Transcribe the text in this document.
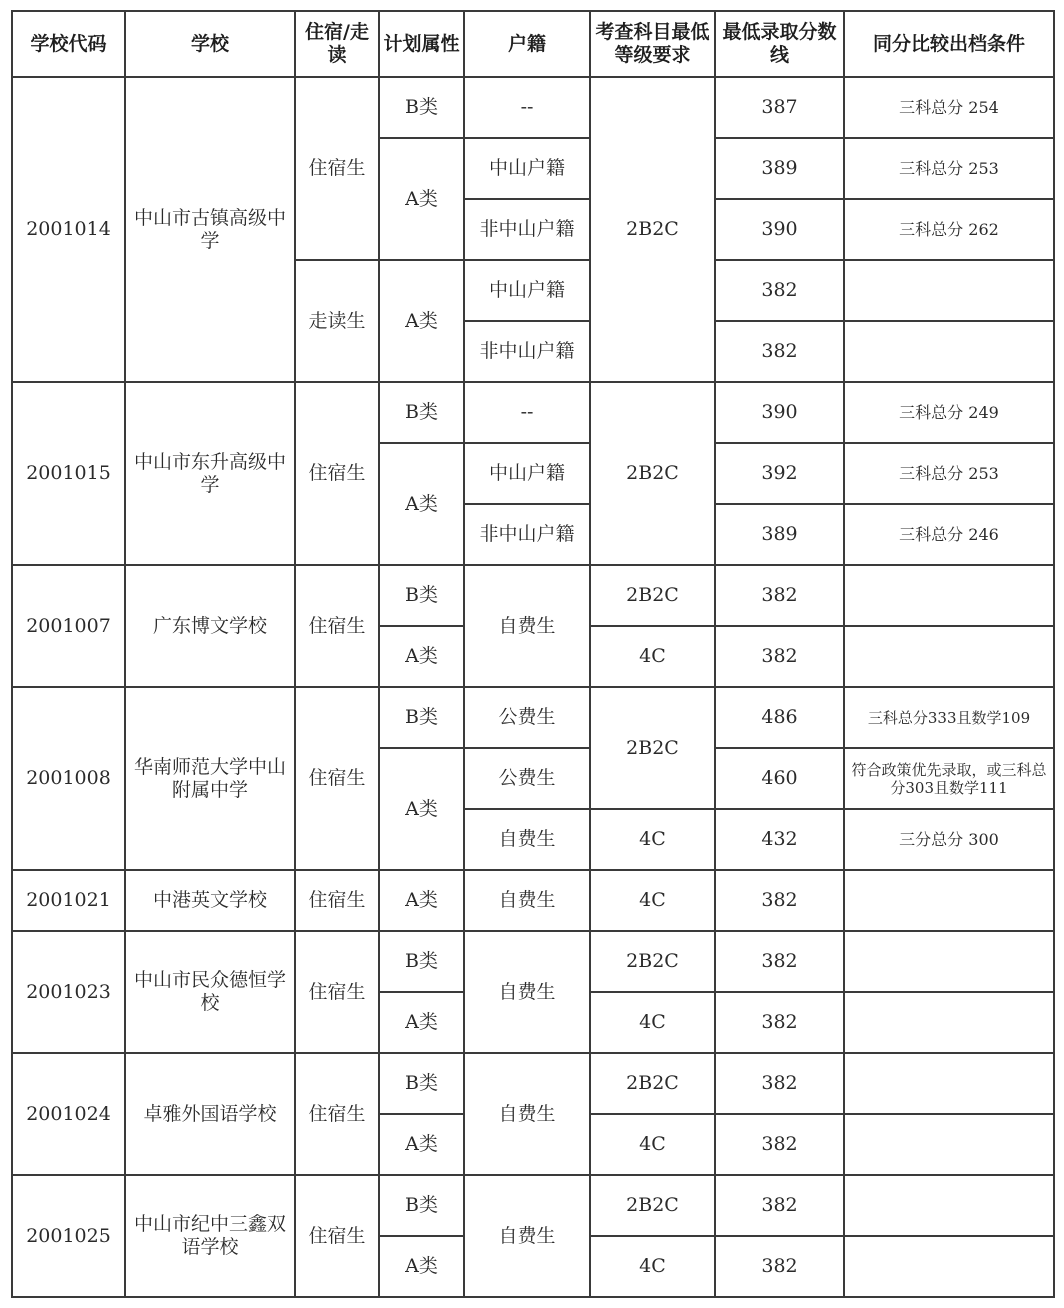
学校代码	学校	住宿/走读	计划属性	户籍	考查科目最低等级要求	最低录取分数线	同分比较出档条件
2001014	中山市古镇高级中学	住宿生	B类	--	2B2C	387	三科总分 254
			A类	中山户籍		389	三科总分 253
				非中山户籍		390	三科总分 262
		走读生	A类	中山户籍		382	
				非中山户籍		382	
2001015	中山市东升高级中学	住宿生	B类	--	2B2C	390	三科总分 249
			A类	中山户籍		392	三科总分 253
				非中山户籍		389	三科总分 246
2001007	广东博文学校	住宿生	B类	自费生	2B2C	382	
			A类		4C	382	
2001008	华南师范大学中山附属中学	住宿生	B类	公费生	2B2C	486	三科总分333且数学109
			A类	公费生		460	符合政策优先录取，或三科总分303且数学111
				自费生	4C	432	三分总分 300
2001021	中港英文学校	住宿生	A类	自费生	4C	382	
2001023	中山市民众德恒学校	住宿生	B类	自费生	2B2C	382	
			A类		4C	382	
2001024	卓雅外国语学校	住宿生	B类	自费生	2B2C	382	
			A类		4C	382	
2001025	中山市纪中三鑫双语学校	住宿生	B类	自费生	2B2C	382	
			A类		4C	382	
